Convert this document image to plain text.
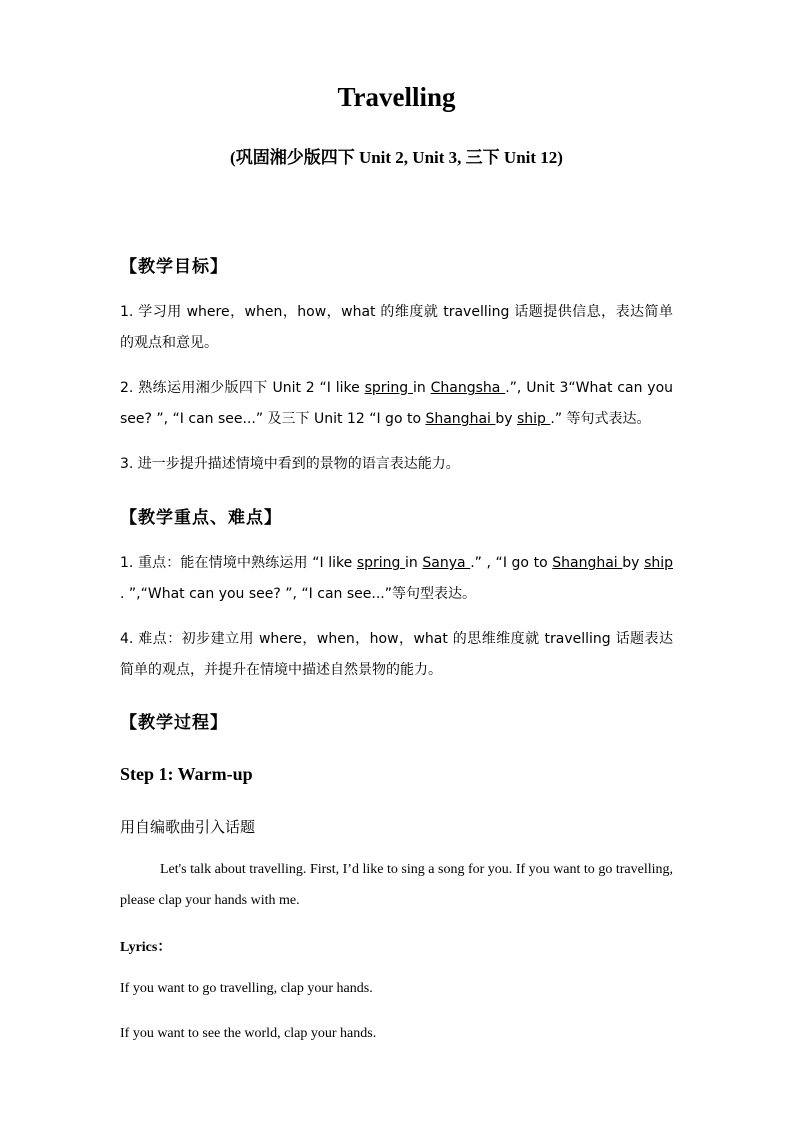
Travelling
(巩固湘少版四下 Unit 2, Unit 3, 三下 Unit 12)
【教学目标】
1. 学习用 where，when，how，what 的维度就 travelling 话题提供信息，表达简单的观点和意见。
2. 熟练运用湘少版四下 Unit 2 “I like spring in Changsha .”, Unit 3“What can you see? ”, “I can see...” 及三下 Unit 12 “I go to Shanghai by ship .” 等句式表达。
3. 进一步提升描述情境中看到的景物的语言表达能力。
【教学重点、难点】
1. 重点：能在情境中熟练运用 “I like spring in Sanya .” , “I go to Shanghai by ship . ”,“What can you see? ”, “I can see...”等句型表达。
4. 难点：初步建立用 where，when，how，what 的思维维度就 travelling 话题表达简单的观点，并提升在情境中描述自然景物的能力。
【教学过程】
Step 1: Warm-up
用自编歌曲引入话题
Let's talk about travelling. First, I’d like to sing a song for you. If you want to go travelling, please clap your hands with me.
Lyrics：
If you want to go travelling, clap your hands.
If you want to see the world, clap your hands.
